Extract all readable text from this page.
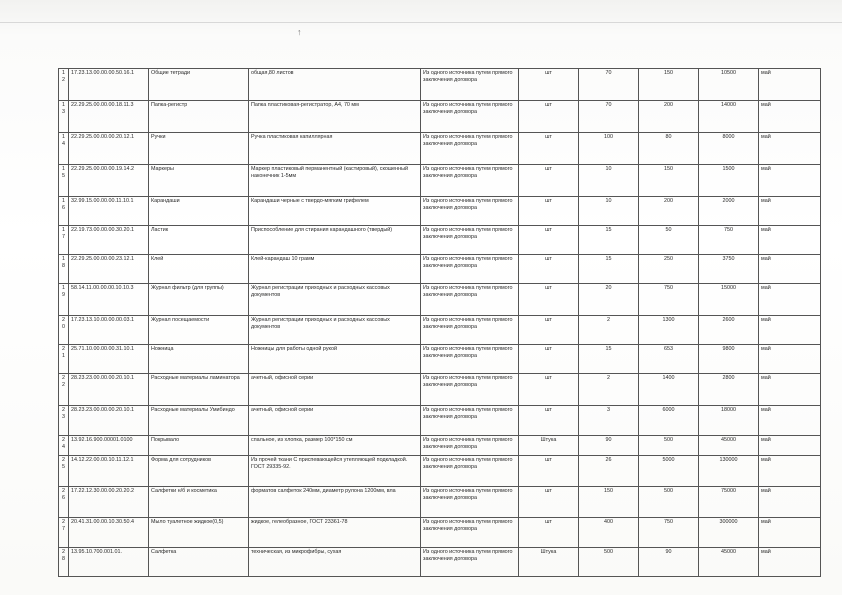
↑
12	17.23.13.00.00.00.50.16.1	Общие тетради	общая,80 листов	Из одного источника путем прямого заключения договора	шт	70	150	10500	май
13	22.29.25.00.00.00.18.11.3	Папка-регистр	Папка пластиковая-регистратор, А4, 70 мм	Из одного источника путем прямого заключения договора	шт	70	200	14000	май
14	22.29.25.00.00.00.20.12.1	Ручки	Ручка пластиковая капиллярная	Из одного источника путем прямого заключения договора	шт	100	80	8000	май
15	22.29.25.00.00.00.19.14.2	Маркеры	Маркер пластиковый перманентный (кастировый), скошенный наконечник 1-5мм	Из одного источника путем прямого заключения договора	шт	10	150	1500	май
16	32.99.15.00.00.00.11.10.1	Карандаши	Карандаши черные с твердо-мягким грифелем	Из одного источника путем прямого заключения договора	шт	10	200	2000	май
17	22.19.73.00.00.00.30.20.1	Ластик	Приспособление для стирания карандашного (твердый)	Из одного источника путем прямого заключения договора	шт	15	50	750	май
18	22.29.25.00.00.00.23.12.1	Клей	Клей-карандаш 10 грамм	Из одного источника путем прямого заключения договора	шт	15	250	3750	май
19	58.14.11.00.00.00.10.10.3	Журнал фильтр (для группы)	Журнал регистрации приходных и расходных кассовых документов	Из одного источника путем прямого заключения договора	шт	20	750	15000	май
20	17.23.13.10.00.00.00.03.1	Журнал посещаемости	Журнал регистрации приходных и расходных кассовых документов	Из одного источника путем прямого заключения договора	шт	2	1300	2600	май
21	25.71.10.00.00.00.31.10.1	Ножница	Ножницы для работы одной рукой	Из одного источника путем прямого заключения договора	шт	15	653	9800	май
22	28.23.23.00.00.00.20.10.1	Расходные материалы ламинатора	ачетный, офисной серии	Из одного источника путем прямого заключения договора	шт	2	1400	2800	май
23	28.23.23.00.00.00.20.10.1	Расходные материалы Умибиндо	ачетный, офисной серии	Из одного источника путем прямого заключения договора	шт	3	6000	18000	май
24	13.92.16.900.00001.0100	Покрывало	спальное, из хлопка, размер 100*150 см	Из одного источника путем прямого заключения договора	Штука	90	500	45000	май
25	14.12.22.00.00.10.11.12.1	Форма для сотрудников	Из прочей ткани С приспевающейся утепляющей подкладкой. ГОСТ 29335-92.	Из одного источника путем прямого заключения договора	шт	26	5000	130000	май
26	17.22.12.30.00.00.20.20.2	Салфетки н/б и косметика	форматов салфеток 240мм, диаметр рулона 1200мм, вла	Из одного источника путем прямого заключения договора	шт	150	500	75000	май
27	20.41.31.00.00.10.30.50.4	Мыло туалетное жидкое(0,5)	жидкое, гелеобразное, ГОСТ 23361-78	Из одного источника путем прямого заключения договора	шт	400	750	300000	май
28	13.95.10.700.001.01.	Салфетка	техническая, из микрофибры, сухая	Из одного источника путем прямого заключения договора	Штука	500	90	45000	май
